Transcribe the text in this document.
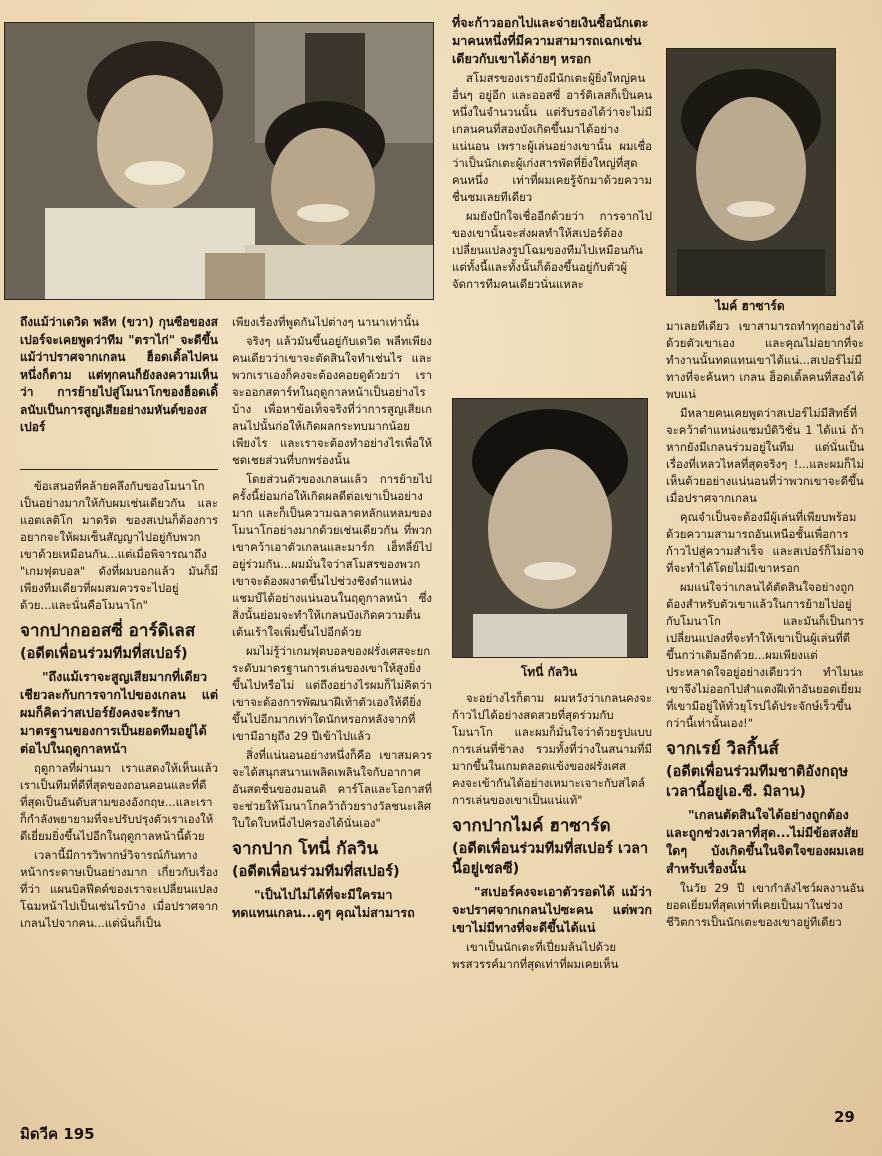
ไมค์ ฮาซาร์ด
โทนี่ กัลวิน

ถึงแม้ว่าเดวิด พลีท (ขวา) กุนซือของสเปอร์จะเคยพูดว่าทีม "ตราไก่" จะดีขึ้น แม้ว่าปราศจากเกลน ฮ็อดเดิ้ลไปคนหนึ่งก็ตาม แต่ทุกคนก็ยังลงความเห็นว่า การย้ายไปสู่โมนาโกของฮ็อดเดิ้ลนับเป็นการสูญเสียอย่างมหันต์ของสเปอร์

ข้อเสนอที่คล้ายคลึงกับของโมนาโก เป็นอย่างมากให้กับผมเช่นเดียวกัน และแอตเลติโก มาดริด ของสเปนก็ต้องการอยากจะให้ผมเซ็นสัญญาไปอยู่กับพวกเขาด้วยเหมือนกัน...แต่เมื่อพิจารณาถึง "เกมฟุตบอล" ดังที่ผมบอกแล้ว มันก็มีเพียงทีมเดียวที่ผมสมควรจะไปอยู่ด้วย...และนั่นคือโมนาโก"

จากปากออสซี่ อาร์ดิเลส
(อดีตเพื่อนร่วมทีมที่สเปอร์)

"ถึงแม้เราจะสูญเสียมากที่เดียวเชียวละกับการจากไปของเกลน แต่ผมก็คิดว่าสเปอร์ยังคงจะรักษามาตรฐานของการเป็นยอดทีมอยู่ได้ต่อไปในฤดูกาลหน้า

ฤดูกาลที่ผ่านมา เราแสดงให้เห็นแล้ว เราเป็นทีมที่ดีที่สุดของถอนคอนและที่ดีที่สุดเป็นอันดับสามของอังกฤษ...และเราก็กำลังพยายามที่จะปรับปรุงตัวเราเองให้ดีเยี่ยมยิ่งขึ้นไปอีกในฤดูกาลหน้านี้ด้วย

เวลานี้มีการวิพากษ์วิจารณ์กันทางหน้ากระดาษเป็นอย่างมาก เกี่ยวกับเรื่องที่ว่า แผนบิลฟีดด์ของเราจะเปลี่ยนแปลงโฉมหน้าไปเป็นเช่นไรบ้าง เมื่อปราศจากเกลนไปจากคน...แต่นั่นก็เป็น

เพียงเรื่องที่พูดกันไปต่างๆ นานาเท่านั้น

จริงๆ แล้วมันขึ้นอยู่กับเดวิด พลีทเพียงคนเดียวว่าเขาจะตัดสินใจทำเช่นไร และพวกเราเองก็คงจะต้องคอยดูด้วยว่า เราจะออกสตาร์ทในฤดูกาลหน้าเป็นอย่างไรบ้าง เพื่อหาข้อเท็จจริงที่ว่าการสูญเสียเกลนไปนั้นก่อให้เกิดผลกระทบมากน้อยเพียงไร และเราจะต้องทำอย่างไรเพื่อให้ชดเชยส่วนที่บกพร่องนั้น

โดยส่วนตัวของเกลนแล้ว การย้ายไปครั้งนี้ย่อมก่อให้เกิดผลดีต่อเขาเป็นอย่างมาก และก็เป็นความฉลาดหลักแหลมของโมนาโกอย่างมากด้วยเช่นเดียวกัน ที่พวกเขาคว้าเอาตัวเกลนและมาร์ก เฮ็ทลี่ย์ไปอยู่ร่วมกัน...ผมมั่นใจว่าสโมสรของพวกเขาจะต้องผงาดขึ้นไปช่วงชิงตำแหน่งแชมป์ได้อย่างแน่นอนในฤดูกาลหน้า ซึ่งสิ่งนั้นย่อมจะทำให้เกลนบังเกิดความตื่นเต้นเร้าใจเพิ่มขึ้นไปอีกด้วย

ผมไม่รู้ว่าเกมฟุตบอลของฝรั่งเศสจะยกระดับมาตรฐานการเล่นของเขาให้สูงยิ่งขึ้นไปหรือไม่ แต่ถึงอย่างไรผมก็ไม่คิดว่าเขาจะต้องการพัฒนาฝีเท้าตัวเองให้ดียิ่งขึ้นไปอีกมากเท่าใดนักหรอกหลังจากที่เขามีอายุถึง 29 ปีเข้าไปแล้ว

สิ่งที่แน่นอนอย่างหนึ่งก็คือ เขาสมควรจะได้สนุกสนานเพลิดเพลินใจกับอากาศอันสดชื่นของมอนติ คาร์โลและโอกาสที่จะช่วยให้โมนาโกคว้าถ้วยรางวัลชนะเลิศใบใดใบหนึ่งไปครองได้นั่นเอง"

จากปาก โทนี่ กัลวิน
(อดีตเพื่อนร่วมทีมที่สเปอร์)

"เป็นไปไม่ได้ที่จะมีใครมาทดแทนเกลน...ดูๆ คุณไม่สามารถ

ที่จะก้าวออกไปและจ่ายเงินซื้อนักเตะมาคนหนึ่งที่มีความสามารถเฉกเช่นเดียวกับเขาได้ง่ายๆ หรอก

สโมสรของเรายังมีนักเตะผู้ยิ่งใหญ่คนอื่นๆ อยู่อีก และออสซี่ อาร์ดิเลสก็เป็นคนหนึ่งในจำนวนนั้น แต่รับรองได้ว่าจะไม่มีเกลนคนที่สองบังเกิดขึ้นมาได้อย่างแน่นอน เพราะผู้เล่นอย่างเขานั้น ผมเชื่อว่าเป็นนักเตะผู้เก่งสารพัดที่ยิ่งใหญ่ที่สุดคนหนึ่ง เท่าที่ผมเคยรู้จักมาด้วยความชื่นชมเลยทีเดียว

ผมยังปักใจเชื่ออีกด้วยว่า การจากไปของเขานั้นจะส่งผลทำให้สเปอร์ต้องเปลี่ยนแปลงรูปโฉมของทีมไปเหมือนกัน แต่ทั้งนี้และทั้งนั้นก็ต้องขึ้นอยู่กับตัวผู้จัดการทีมคนเดียวนั่นแหละ

จะอย่างไรก็ตาม ผมหวังว่าเกลนคงจะก้าวไปได้อย่างสดสวยที่สุดร่วมกับโมนาโก และผมก็มั่นใจว่าด้วยรูปแบบการเล่นที่ช้าลง รวมทั้งที่ว่างในสนามที่มีมากขึ้นในเกมตลอดแข้งของฝรั่งเศส คงจะเข้ากันได้อย่างเหมาะเจาะกับสไตล์การเล่นของเขาเป็นแน่แท้"

จากปากไมค์ ฮาซาร์ด
(อดีตเพื่อนร่วมทีมที่สเปอร์ เวลานี้อยู่เชลซี)

"สเปอร์คงจะเอาตัวรอดได้ แม้ว่าจะปราศจากเกลนไปซะคน แต่พวกเขาไม่มีทางที่จะดีขึ้นได้แน่

เขาเป็นนักเตะที่เปี่ยมล้นไปด้วยพรสวรรค์มากที่สุดเท่าที่ผมเคยเห็น

มาเลยทีเดียว เขาสามารถทำทุกอย่างได้ด้วยตัวเขาเอง และคุณไม่อยากที่จะทำงานนั้นทดแทนเขาได้แน่...สเปอร์ไม่มีทางที่จะค้นหา เกลน ฮ็อดเดิ้ลคนที่สองได้พบแน่

มีหลายคนเคยพูดว่าสเปอร์ไม่มีสิทธิ์ที่จะคว้าตำแหน่งแชมป์ดิวิชั่น 1 ได้แน่ ถ้าหากยังมีเกลนร่วมอยู่ในทีม แต่นั่นเป็นเรื่องที่เหลวไหลที่สุดจริงๆ !...และผมก็ไม่เห็นด้วยอย่างแน่นอนที่ว่าพวกเขาจะดีขึ้นเมื่อปราศจากเกลน

คุณจำเป็นจะต้องมีผู้เล่นที่เพียบพร้อมด้วยความสามารถอันเหนือชั้นเพื่อการก้าวไปสู่ความสำเร็จ และสเปอร์ก็ไม่อาจที่จะทำได้โดยไม่มีเขาหรอก

ผมแน่ใจว่าเกลนได้ตัดสินใจอย่างถูกต้องสำหรับตัวเขาแล้วในการย้ายไปอยู่กับโมนาโก และมันก็เป็นการเปลี่ยนแปลงที่จะทำให้เขาเป็นผู้เล่นที่ดีขึ้นกว่าเดิมอีกด้วย...ผมเพียงแต่ประหลาดใจอยู่อย่างเดียวว่า ทำไมนะเขาจึงไม่ออกไปสำแดงฝีเท้าอันยอดเยี่ยมที่เขามีอยู่ให้ทั่วยุโรปได้ประจักษ์เร็วขึ้นกว่านี้เท่านั้นเอง!"

จากเรย์ วิลกิ้นส์
(อดีตเพื่อนร่วมทีมชาติอังกฤษ เวลานี้อยู่เอ.ซี. มิลาน)

"เกลนตัดสินใจได้อย่างถูกต้อง และถูกช่วงเวลาที่สุด...ไม่มีข้อสงสัยใดๆ บังเกิดขึ้นในจิตใจของผมเลยสำหรับเรื่องนั้น

ในวัย 29 ปี เขากำลังไชว์ผลงานอันยอดเยี่ยมที่สุดเท่าที่เคยเป็นมาในช่วงชีวิตการเป็นนักเตะของเขาอยู่ทีเดียว

มิดวีค 195
29
